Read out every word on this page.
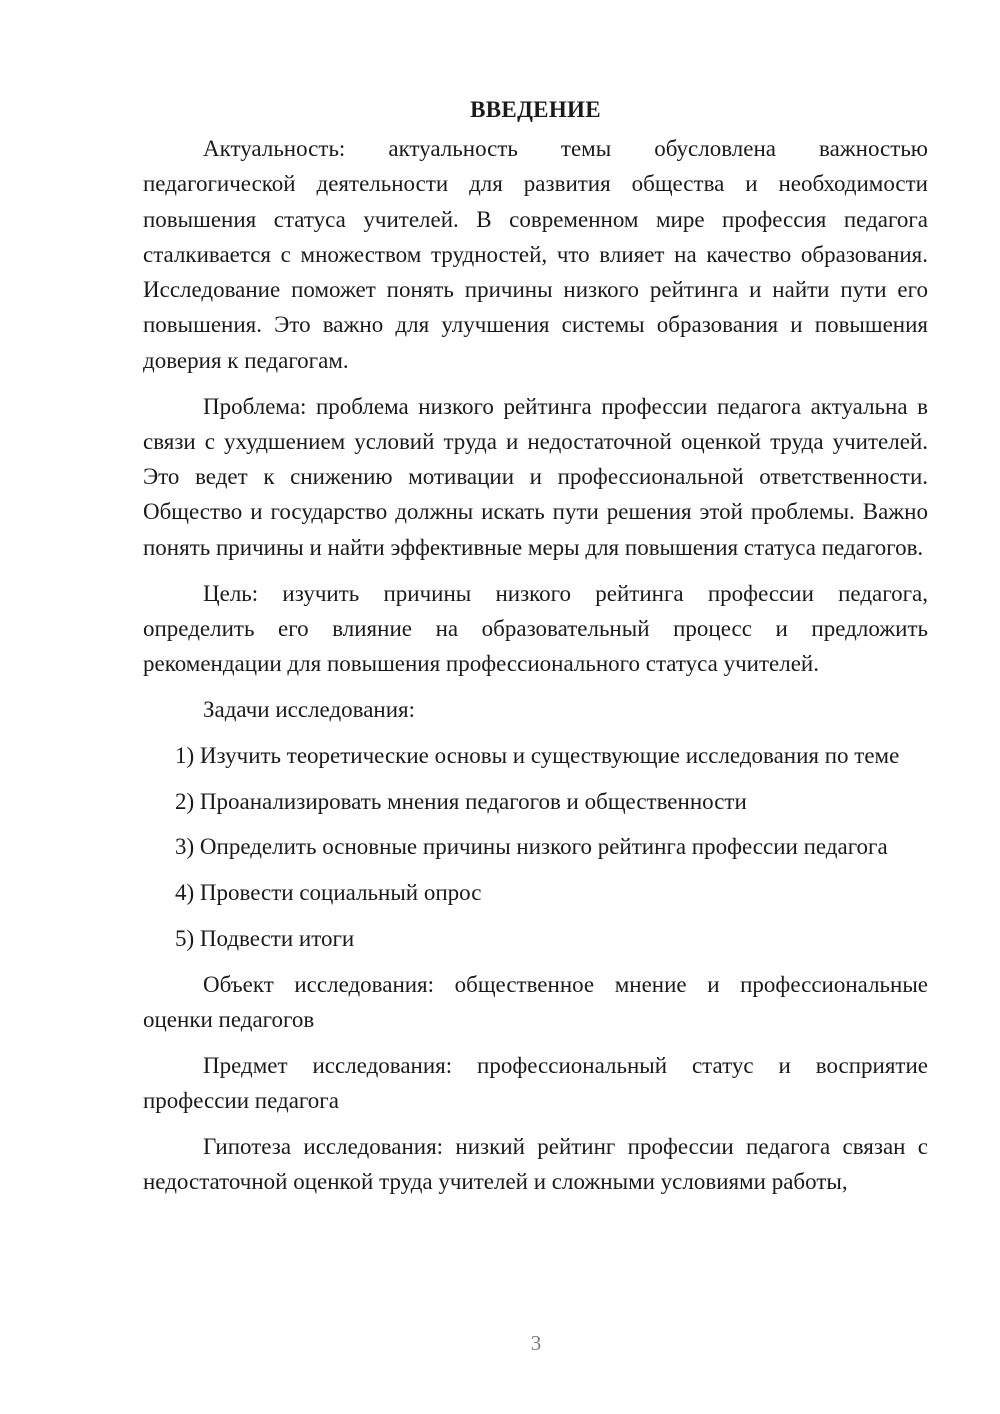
ВВЕДЕНИЕ

Актуальность: актуальность темы обусловлена важностью педагогической деятельности для развития общества и необходимости повышения статуса учителей. В современном мире профессия педагога сталкивается с множеством трудностей, что влияет на качество образования. Исследование поможет понять причины низкого рейтинга и найти пути его повышения. Это важно для улучшения системы образования и повышения доверия к педагогам.

Проблема: проблема низкого рейтинга профессии педагога актуальна в связи с ухудшением условий труда и недостаточной оценкой труда учителей. Это ведет к снижению мотивации и профессиональной ответственности. Общество и государство должны искать пути решения этой проблемы. Важно понять причины и найти эффективные меры для повышения статуса педагогов.

Цель: изучить причины низкого рейтинга профессии педагога, определить его влияние на образовательный процесс и предложить рекомендации для повышения профессионального статуса учителей.

Задачи исследования:

1) Изучить теоретические основы и существующие исследования по теме

2) Проанализировать мнения педагогов и общественности

3) Определить основные причины низкого рейтинга профессии педагога

4) Провести социальный опрос

5) Подвести итоги

Объект исследования: общественное мнение и профессиональные оценки педагогов

Предмет исследования: профессиональный статус и восприятие профессии педагога

Гипотеза исследования: низкий рейтинг профессии педагога связан с недостаточной оценкой труда учителей и сложными условиями работы,

3
